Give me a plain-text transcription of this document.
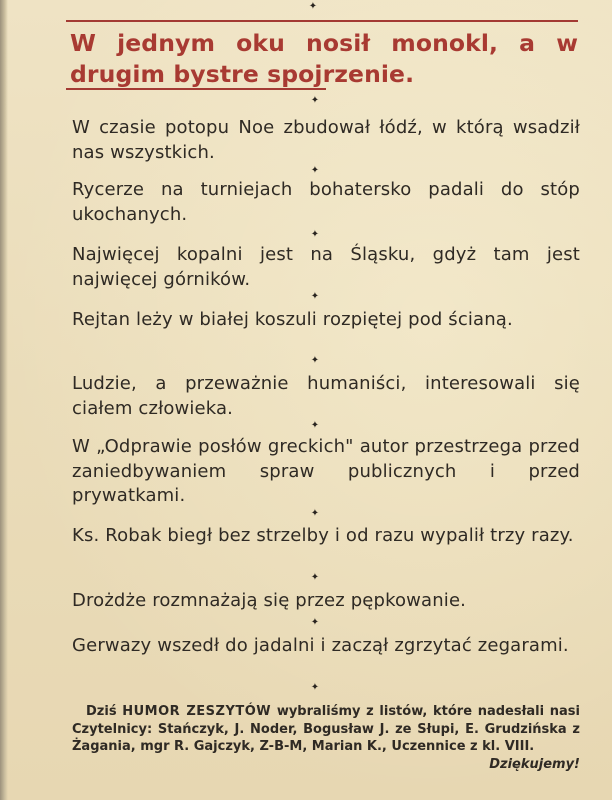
✦
W jednym oku nosił monokl, a w drugim bystre spojrzenie.
✦
W czasie potopu Noe zbudował łódź, w którą wsadził nas wszystkich.
✦
Rycerze na turniejach bohatersko padali do stóp ukochanych.
✦
Najwięcej kopalni jest na Śląsku, gdyż tam jest najwięcej górników.
✦
Rejtan leży w białej koszuli rozpiętej pod ścianą.
✦
Ludzie, a przeważnie humaniści, interesowali się ciałem człowieka.
✦
W „Odprawie posłów greckich" autor przestrzega przed zaniedbywaniem spraw publicznych i przed prywatkami.
✦
Ks. Robak biegł bez strzelby i od razu wypalił trzy razy.
✦
Drożdże rozmnażają się przez pępkowanie.
✦
Gerwazy wszedł do jadalni i zaczął zgrzytać zegarami.
✦
Dziś HUMOR ZESZYTÓW wybraliśmy z listów, które nadesłali nasi Czytelnicy: Stańczyk, J. Noder, Bogusław J. ze Słupi, E. Grudzińska z Żagania, mgr R. Gajczyk, Z-B-M, Marian K., Uczennice z kl. VIII.
Dziękujemy!
